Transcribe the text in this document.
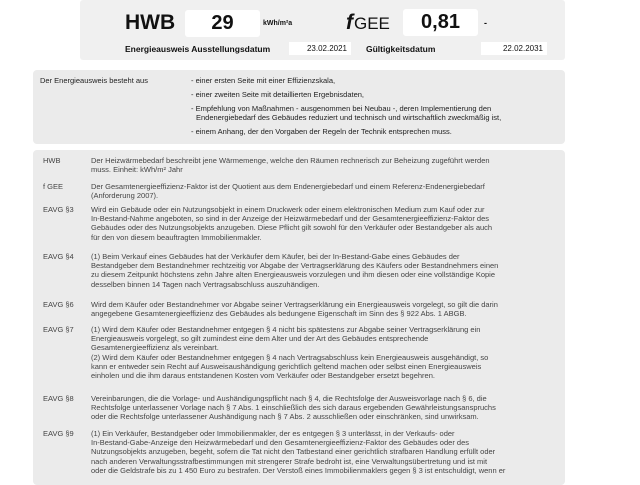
HWB	29	kWh/m²a	fGEE	0,81	-
Energieausweis Ausstellungsdatum	23.02.2021	Gültigkeitsdatum	22.02.2031
Der Energieausweis besteht aus	- einer ersten Seite mit einer Effizienzskala,
- einer zweiten Seite mit detaillierten Ergebnisdaten,
- Empfehlung von Maßnahmen - ausgenommen bei Neubau -, deren Implementierung den
Endenergiebedarf des Gebäudes reduziert und technisch und wirtschaftlich zweckmäßig ist,
- einem Anhang, der den Vorgaben der Regeln der Technik entsprechen muss.
HWB	Der Heizwärmebedarf beschreibt jene Wärmemenge, welche den Räumen rechnerisch zur Beheizung zugeführt werden
muss. Einheit: kWh/m² Jahr
f GEE	Der Gesamtenergieeffizienz-Faktor ist der Quotient aus dem Endenergiebedarf und einem Referenz-Endenergiebedarf
(Anforderung 2007).
EAVG §3	Wird ein Gebäude oder ein Nutzungsobjekt in einem Druckwerk oder einem elektronischen Medium zum Kauf oder zur
In-Bestand-Nahme angeboten, so sind in der Anzeige der Heizwärmebedarf und der Gesamtenergieeffizienz-Faktor des
Gebäudes oder des Nutzungsobjekts anzugeben. Diese Pflicht gilt sowohl für den Verkäufer oder Bestandgeber als auch
für den von diesem beauftragten Immobilienmakler.
EAVG §4	(1) Beim Verkauf eines Gebäudes hat der Verkäufer dem Käufer, bei der In-Bestand-Gabe eines Gebäudes der
Bestandgeber dem Bestandnehmer rechtzeitig vor Abgabe der Vertragserklärung des Käufers oder Bestandnehmers einen
zu diesem Zeitpunkt höchstens zehn Jahre alten Energieausweis vorzulegen und ihm diesen oder eine vollständige Kopie
desselben binnen 14 Tagen nach Vertragsabschluss auszuhändigen.
EAVG §6	Wird dem Käufer oder Bestandnehmer vor Abgabe seiner Vertragserklärung ein Energieausweis vorgelegt, so gilt die darin
angegebene Gesamtenergieeffizienz des Gebäudes als bedungene Eigenschaft im Sinn des § 922 Abs. 1 ABGB.
EAVG §7	(1) Wird dem Käufer oder Bestandnehmer entgegen § 4 nicht bis spätestens zur Abgabe seiner Vertragserklärung ein
Energieausweis vorgelegt, so gilt zumindest eine dem Alter und der Art des Gebäudes entsprechende
Gesamtenergieeffizienz als vereinbart.
(2) Wird dem Käufer oder Bestandnehmer entgegen § 4 nach Vertragsabschluss kein Energieausweis ausgehändigt, so
kann er entweder sein Recht auf Ausweisaushändigung gerichtlich geltend machen oder selbst einen Energieausweis
einholen und die ihm daraus entstandenen Kosten vom Verkäufer oder Bestandgeber ersetzt begehren.
EAVG §8	Vereinbarungen, die die Vorlage- und Aushändigungspflicht nach § 4, die Rechtsfolge der Ausweisvorlage nach § 6, die
Rechtsfolge unterlassener Vorlage nach § 7 Abs. 1 einschließlich des sich daraus ergebenden Gewährleistungsanspruchs
oder die Rechtsfolge unterlassener Aushändigung nach § 7 Abs. 2 ausschließen oder einschränken, sind unwirksam.
EAVG §9	(1) Ein Verkäufer, Bestandgeber oder Immobilienmakler, der es entgegen § 3 unterlässt, in der Verkaufs- oder
In-Bestand-Gabe-Anzeige den Heizwärmebedarf und den Gesamtenergieeffizienz-Faktor des Gebäudes oder des
Nutzungsobjekts anzugeben, begeht, sofern die Tat nicht den Tatbestand einer gerichtlich strafbaren Handlung erfüllt oder
nach anderen Verwaltungsstrafbestimmungen mit strengerer Strafe bedroht ist, eine Verwaltungsübertretung und ist mit
oder die Geldstrafe bis zu 1 450 Euro zu bestrafen. Der Verstoß eines Immobilienmaklers gegen § 3 ist entschuldigt, wenn er
